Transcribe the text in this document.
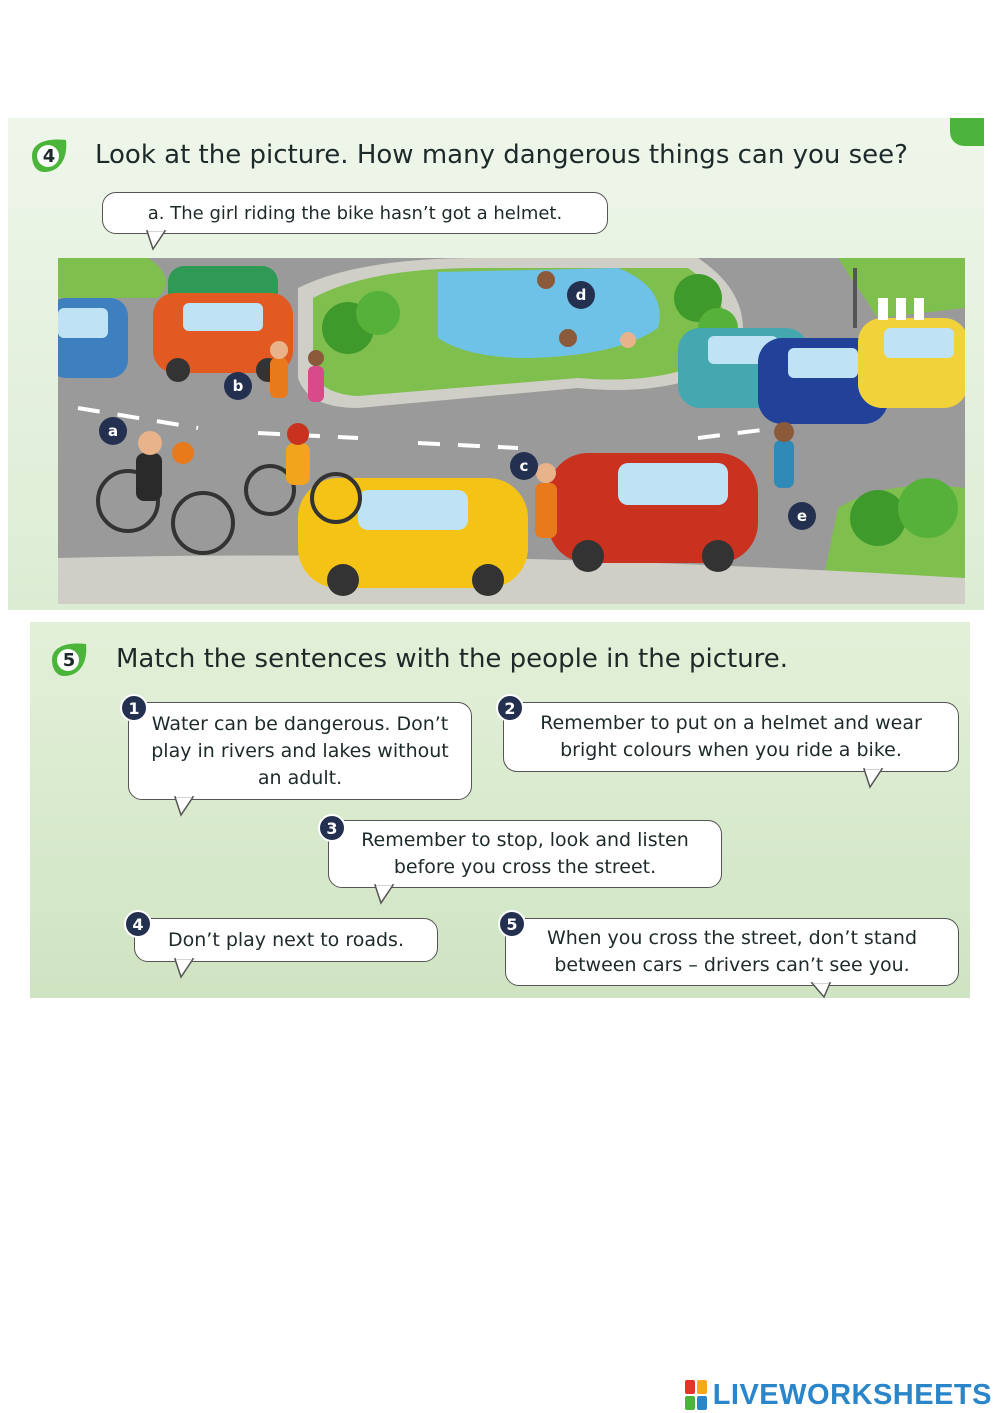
4	Look at the picture. How many dangerous things can you see?
a. The girl riding the bike hasn’t got a helmet.
a
b
c
d
e
5	Match the sentences with the people in the picture.
Water can be dangerous. Don’t play in rivers and lakes without an adult.
1
Remember to put on a helmet and wear bright colours when you ride a bike.
2
Remember to stop, look and listen before you cross the street.
3
Don’t play next to roads.
4
When you cross the street, don’t stand between cars – drivers can’t see you.
5
LIVEWORKSHEETS
